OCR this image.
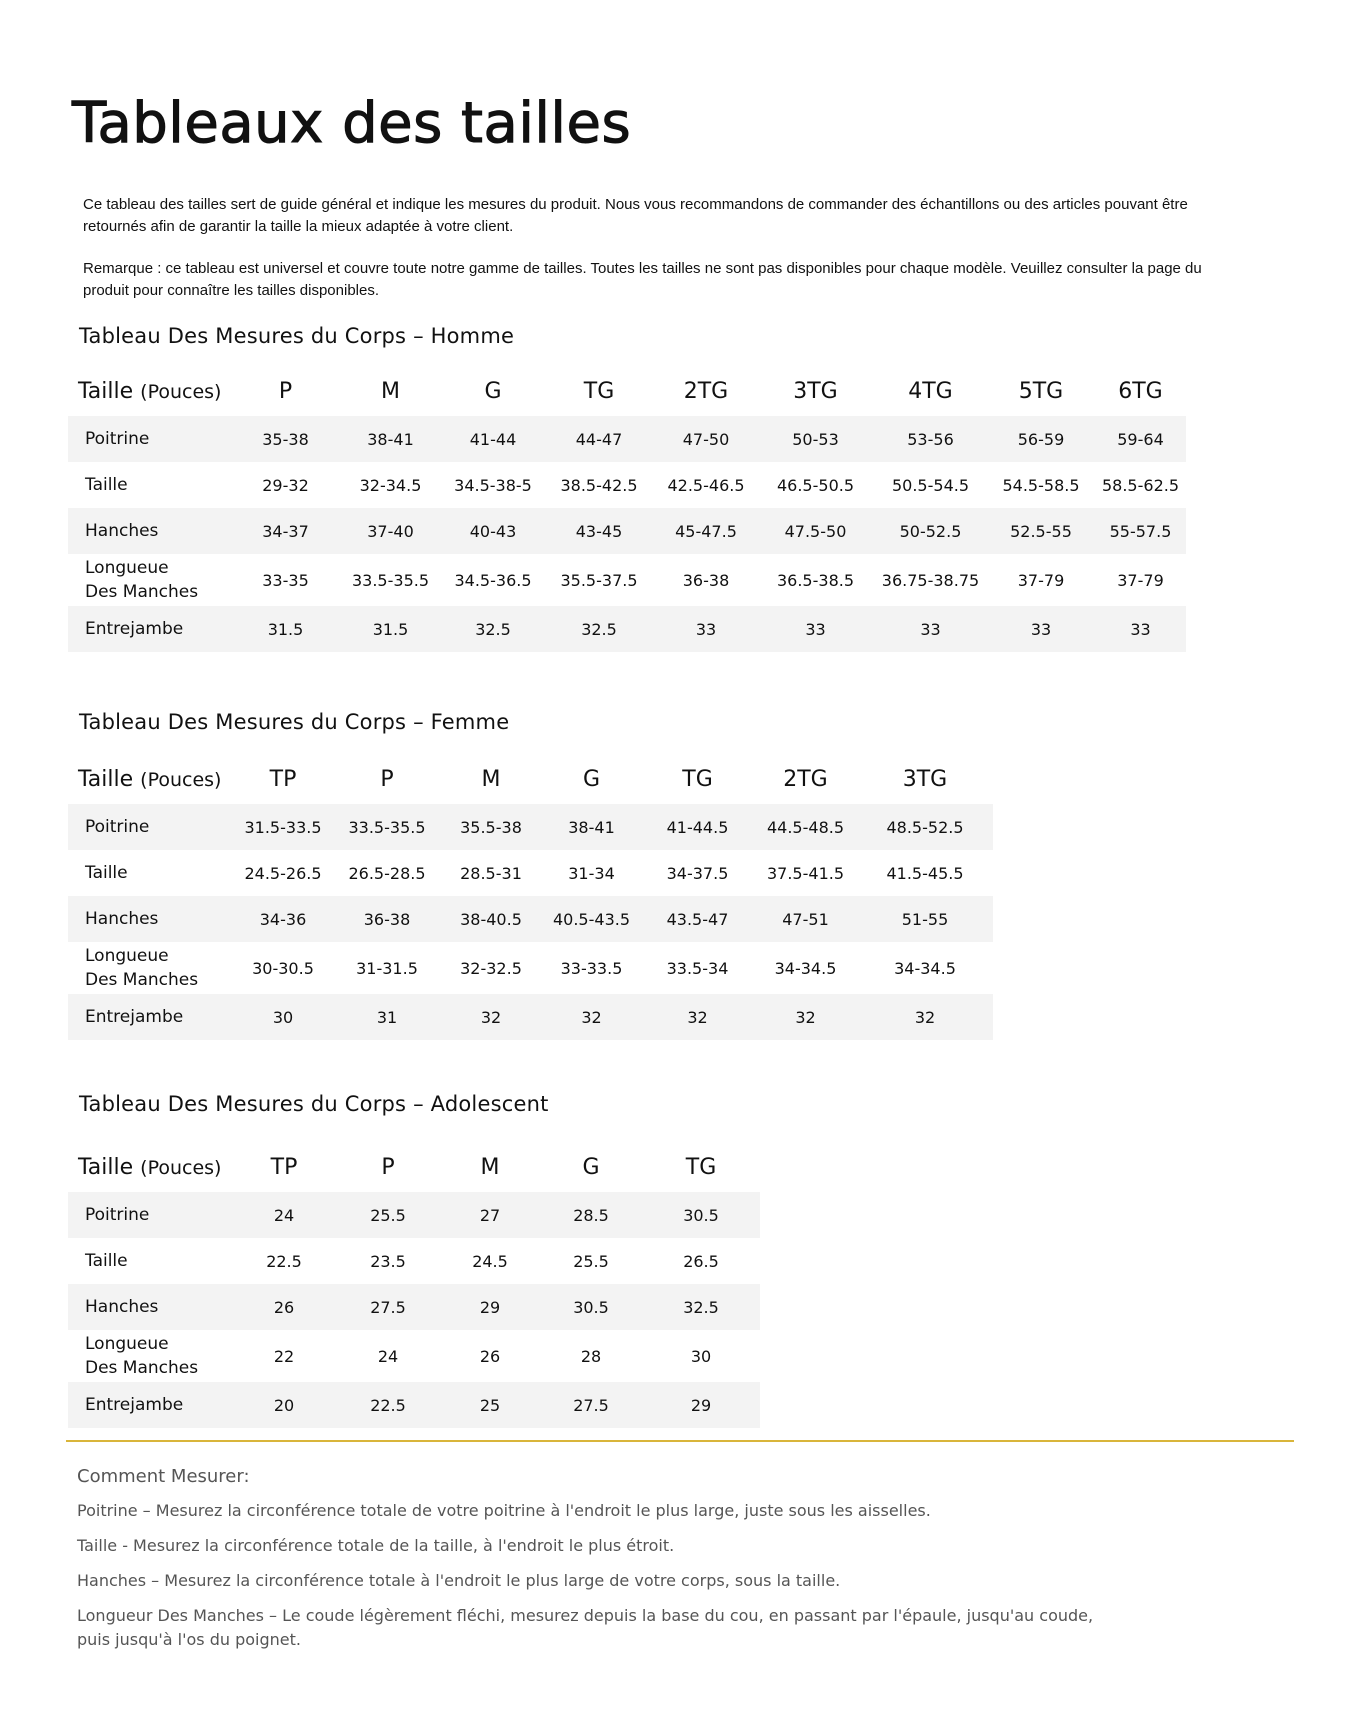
Tableaux des tailles

Ce tableau des tailles sert de guide général et indique les mesures du produit. Nous vous recommandons de commander des échantillons ou des articles pouvant être retournés afin de garantir la taille la mieux adaptée à votre client.

Remarque : ce tableau est universel et couvre toute notre gamme de tailles. Toutes les tailles ne sont pas disponibles pour chaque modèle. Veuillez consulter la page du produit pour connaître les tailles disponibles.

Tableau Des Mesures du Corps – Homme
Taille (Pouces)	P	M	G	TG	2TG	3TG	4TG	5TG	6TG
Poitrine	35-38	38-41	41-44	44-47	47-50	50-53	53-56	56-59	59-64
Taille	29-32	32-34.5	34.5-38-5	38.5-42.5	42.5-46.5	46.5-50.5	50.5-54.5	54.5-58.5	58.5-62.5
Hanches	34-37	37-40	40-43	43-45	45-47.5	47.5-50	50-52.5	52.5-55	55-57.5
Longueue
Des Manches	33-35	33.5-35.5	34.5-36.5	35.5-37.5	36-38	36.5-38.5	36.75-38.75	37-79	37-79
Entrejambe	31.5	31.5	32.5	32.5	33	33	33	33	33
Tableau Des Mesures du Corps – Femme
Taille (Pouces)	TP	P	M	G	TG	2TG	3TG
Poitrine	31.5-33.5	33.5-35.5	35.5-38	38-41	41-44.5	44.5-48.5	48.5-52.5
Taille	24.5-26.5	26.5-28.5	28.5-31	31-34	34-37.5	37.5-41.5	41.5-45.5
Hanches	34-36	36-38	38-40.5	40.5-43.5	43.5-47	47-51	51-55
Longueue
Des Manches	30-30.5	31-31.5	32-32.5	33-33.5	33.5-34	34-34.5	34-34.5
Entrejambe	30	31	32	32	32	32	32
Tableau Des Mesures du Corps – Adolescent
Taille (Pouces)	TP	P	M	G	TG
Poitrine	24	25.5	27	28.5	30.5
Taille	22.5	23.5	24.5	25.5	26.5
Hanches	26	27.5	29	30.5	32.5
Longueue
Des Manches	22	24	26	28	30
Entrejambe	20	22.5	25	27.5	29
Comment Mesurer:

Poitrine – Mesurez la circonférence totale de votre poitrine à l'endroit le plus large, juste sous les aisselles.

Taille - Mesurez la circonférence totale de la taille, à l'endroit le plus étroit.

Hanches – Mesurez la circonférence totale à l'endroit le plus large de votre corps, sous la taille.

Longueur Des Manches – Le coude légèrement fléchi, mesurez depuis la base du cou, en passant par l'épaule, jusqu'au coude,
puis jusqu'à l'os du poignet.
